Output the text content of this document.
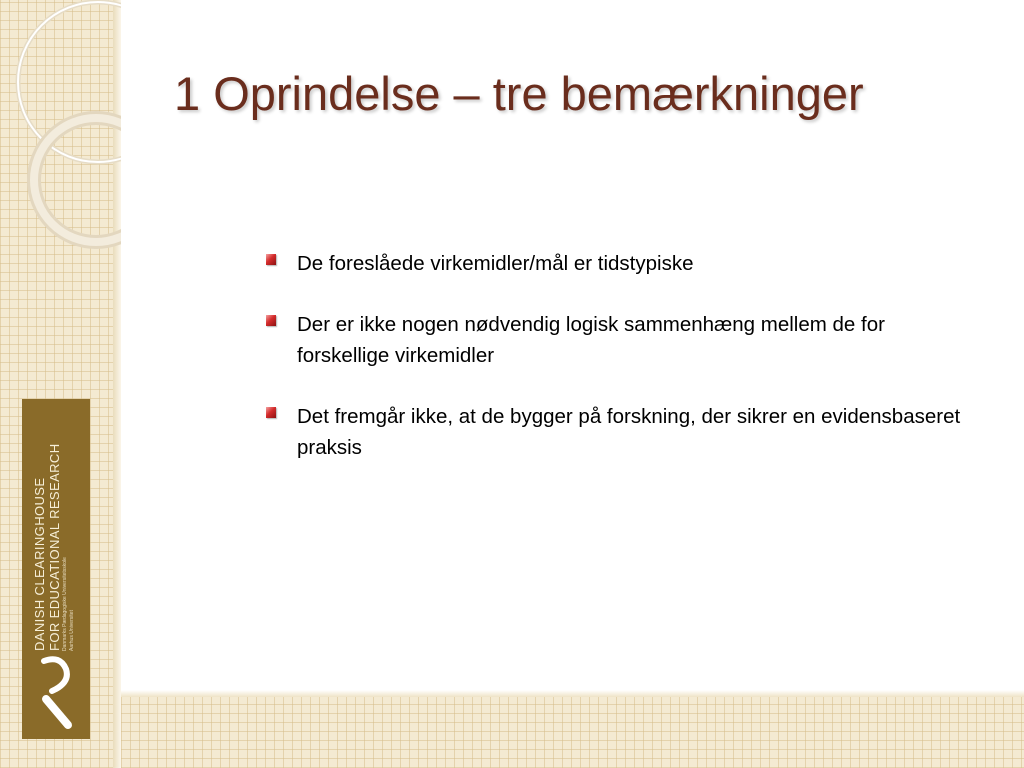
1 Oprindelse – tre bemærkninger
De foreslåede virkemidler/mål er tidstypiske
Der er ikke nogen nødvendig logisk sammenhæng mellem de for forskellige virkemidler
Det fremgår ikke, at de bygger på forskning, der sikrer en evidensbaseret praksis
DANISH CLEARINGHOUSE FOR EDUCATIONAL RESEARCH Danmarks Pædagogiske Universitetsskole Aarhus Universitet
